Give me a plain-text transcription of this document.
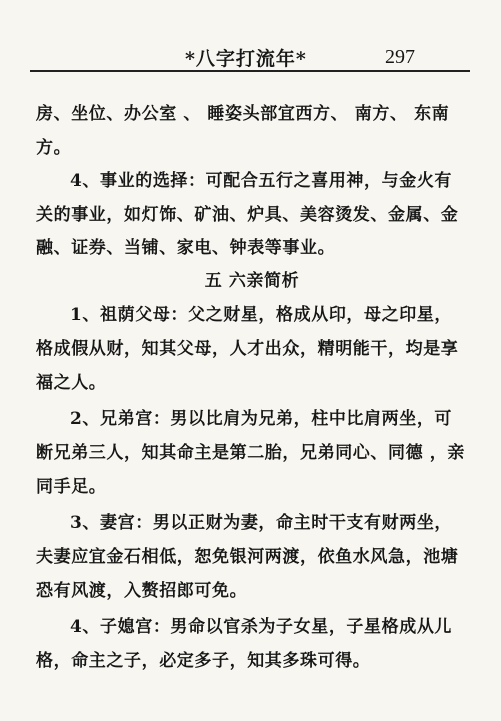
*八字打流年*	297

房、坐位、办公室 、 睡姿头部宜西方、 南方、 东南方。

4、事业的选择：可配合五行之喜用神，与金火有关的事业，如灯饰、矿油、炉具、美容烫发、金属、金融、证券、当铺、家电、钟表等事业。

五 六亲简析

1、祖荫父母：父之财星，格成从印，母之印星，格成假从财，知其父母，人才出众，精明能干，均是享福之人。

2、兄弟宫：男以比肩为兄弟，柱中比肩两坐，可断兄弟三人，知其命主是第二胎，兄弟同心、同德 ，亲同手足。

3、妻宫：男以正财为妻，命主时干支有财两坐，夫妻应宜金石相低，恕免银河两渡，依鱼水风急，池塘恐有风渡，入赘招郎可免。

4、子媳宫：男命以官杀为子女星，子星格成从儿格，命主之子，必定多子，知其多珠可得。
